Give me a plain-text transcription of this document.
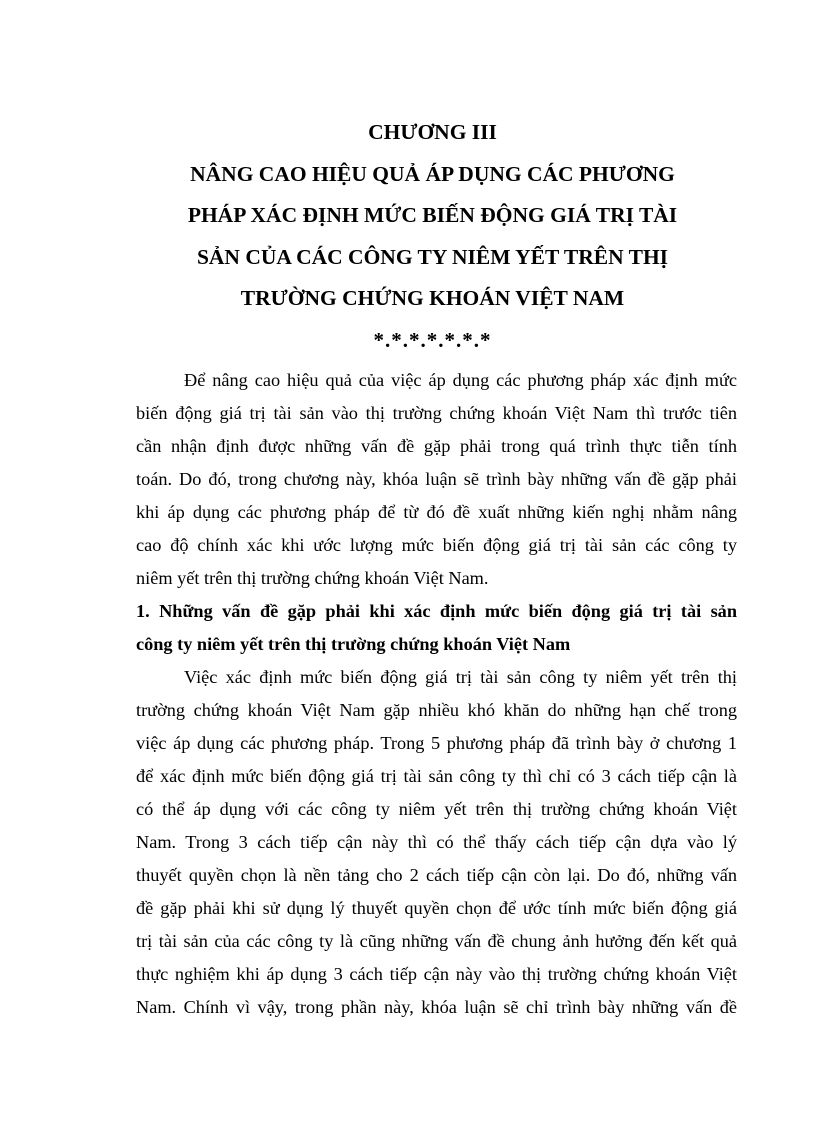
CHƯƠNG III
NÂNG CAO HIỆU QUẢ ÁP DỤNG CÁC PHƯƠNG
PHÁP XÁC ĐỊNH MỨC BIẾN ĐỘNG GIÁ TRỊ TÀI
SẢN CỦA CÁC CÔNG TY NIÊM YẾT TRÊN THỊ
TRƯỜNG CHỨNG KHOÁN VIỆT NAM
*.*.*.*.*.*.*

Để nâng cao hiệu quả của việc áp dụng các phương pháp xác định mức
biến động giá trị tài sản vào thị trường chứng khoán Việt Nam thì trước tiên
cần nhận định được những vấn đề gặp phải trong quá trình thực tiễn tính
toán. Do đó, trong chương này, khóa luận sẽ trình bày những vấn đề gặp phải
khi áp dụng các phương pháp để từ đó đề xuất những kiến nghị nhằm nâng
cao độ chính xác khi ước lượng mức biến động giá trị tài sản các công ty
niêm yết trên thị trường chứng khoán Việt Nam.

1. Những vấn đề gặp phải khi xác định mức biến động giá trị tài sản
công ty niêm yết trên thị trường chứng khoán Việt Nam

Việc xác định mức biến động giá trị tài sản công ty niêm yết trên thị
trường chứng khoán Việt Nam gặp nhiều khó khăn do những hạn chế trong
việc áp dụng các phương pháp. Trong 5 phương pháp đã trình bày ở chương 1
để xác định mức biến động giá trị tài sản công ty thì chỉ có 3 cách tiếp cận là
có thể áp dụng với các công ty niêm yết trên thị trường chứng khoán Việt
Nam. Trong 3 cách tiếp cận này thì có thể thấy cách tiếp cận dựa vào lý
thuyết quyền chọn là nền tảng cho 2 cách tiếp cận còn lại. Do đó, những vấn
đề gặp phải khi sử dụng lý thuyết quyền chọn để ước tính mức biến động giá
trị tài sản của các công ty là cũng những vấn đề chung ảnh hưởng đến kết quả
thực nghiệm khi áp dụng 3 cách tiếp cận này vào thị trường chứng khoán Việt
Nam. Chính vì vậy, trong phần này, khóa luận sẽ chỉ trình bày những vấn đề
